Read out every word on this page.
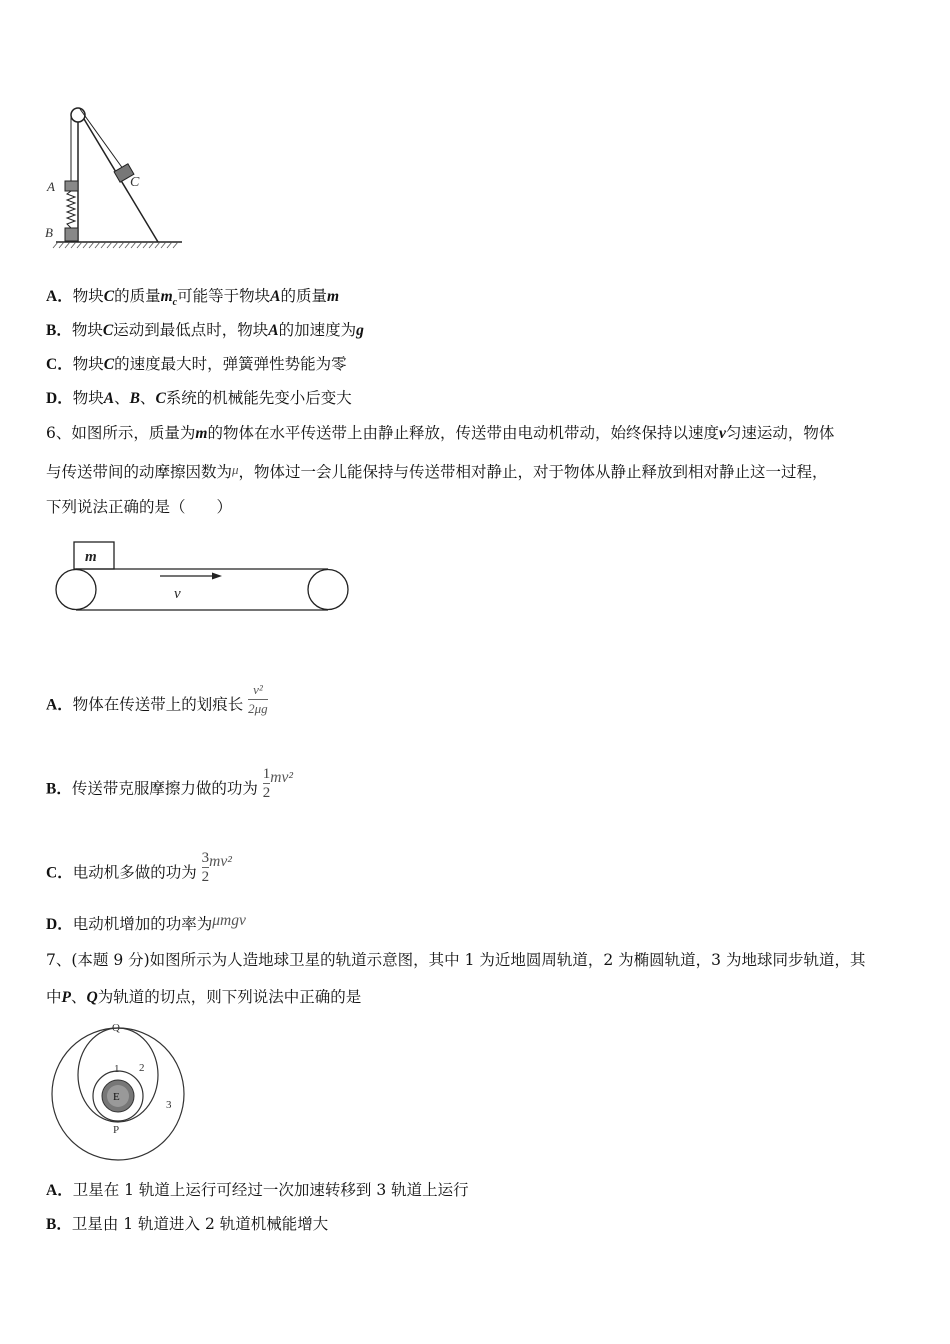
A
B
C
A．物块C的质量$m_c$可能等于物块A的质量m
B．物块C运动到最低点时，物块A的加速度为g
C．物块C的速度最大时，弹簧弹性势能为零
D．物块A、B、C系统的机械能先变小后变大
6、如图所示，质量为m的物体在水平传送带上由静止释放，传送带由电动机带动，始终保持以速度v匀速运动，物体
与传送带间的动摩擦因数为μ，物体过一会儿能保持与传送带相对静止，对于物体从静止释放到相对静止这一过程，
下列说法正确的是（　　）
m
v
A．物体在传送带上的划痕长 $\frac{\text{v²}}{2\mu g}$
B．传送带克服摩擦力做的功为 $\frac{1}{2} mv^2$
C．电动机多做的功为 $\frac{3}{2} mv^2$
D．电动机增加的功率为μmgv
7、(本题 9 分)如图所示为人造地球卫星的轨道示意图，其中 1 为近地圆周轨道，2 为椭圆轨道，3 为地球同步轨道，其
中P、Q为轨道的切点，则下列说法中正确的是
E
Q
P
1 2
3
A．卫星在 1 轨道上运行可经过一次加速转移到 3 轨道上运行
B．卫星由 1 轨道进入 2 轨道机械能增大
